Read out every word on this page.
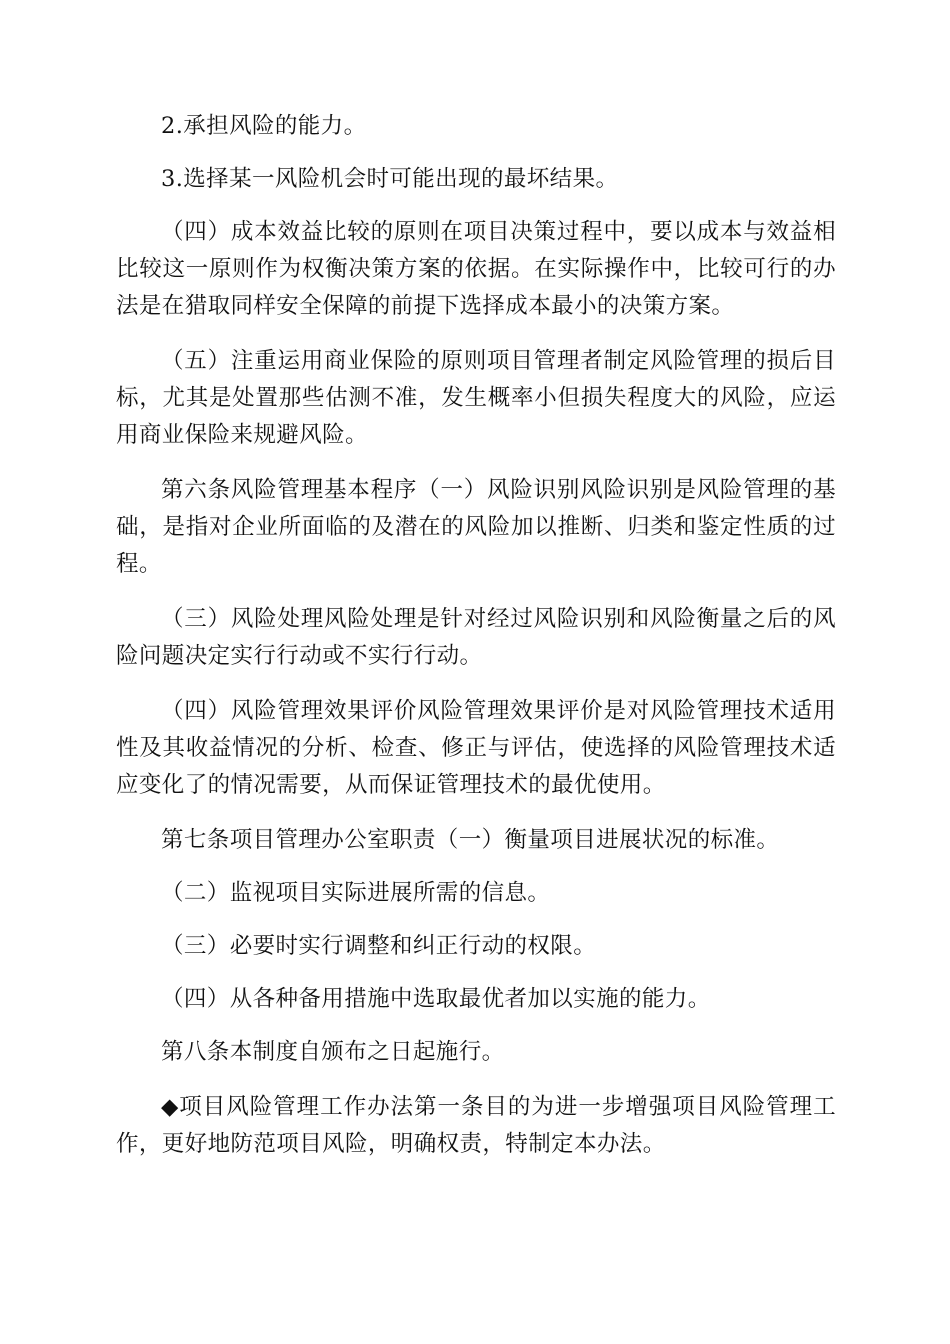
2.承担风险的能力。

3.选择某一风险机会时可能出现的最坏结果。

（四）成本效益比较的原则在项目决策过程中，要以成本与效益相比较这一原则作为权衡决策方案的依据。在实际操作中，比较可行的办法是在猎取同样安全保障的前提下选择成本最小的决策方案。

（五）注重运用商业保险的原则项目管理者制定风险管理的损后目标，尤其是处置那些估测不准，发生概率小但损失程度大的风险，应运用商业保险来规避风险。

第六条风险管理基本程序（一）风险识别风险识别是风险管理的基础，是指对企业所面临的及潜在的风险加以推断、归类和鉴定性质的过程。

（三）风险处理风险处理是针对经过风险识别和风险衡量之后的风险问题决定实行行动或不实行行动。

（四）风险管理效果评价风险管理效果评价是对风险管理技术适用性及其收益情况的分析、检查、修正与评估，使选择的风险管理技术适应变化了的情况需要，从而保证管理技术的最优使用。

第七条项目管理办公室职责（一）衡量项目进展状况的标准。

（二）监视项目实际进展所需的信息。

（三）必要时实行调整和纠正行动的权限。

（四）从各种备用措施中选取最优者加以实施的能力。

第八条本制度自颁布之日起施行。

◆项目风险管理工作办法第一条目的为进一步增强项目风险管理工作，更好地防范项目风险，明确权责，特制定本办法。
